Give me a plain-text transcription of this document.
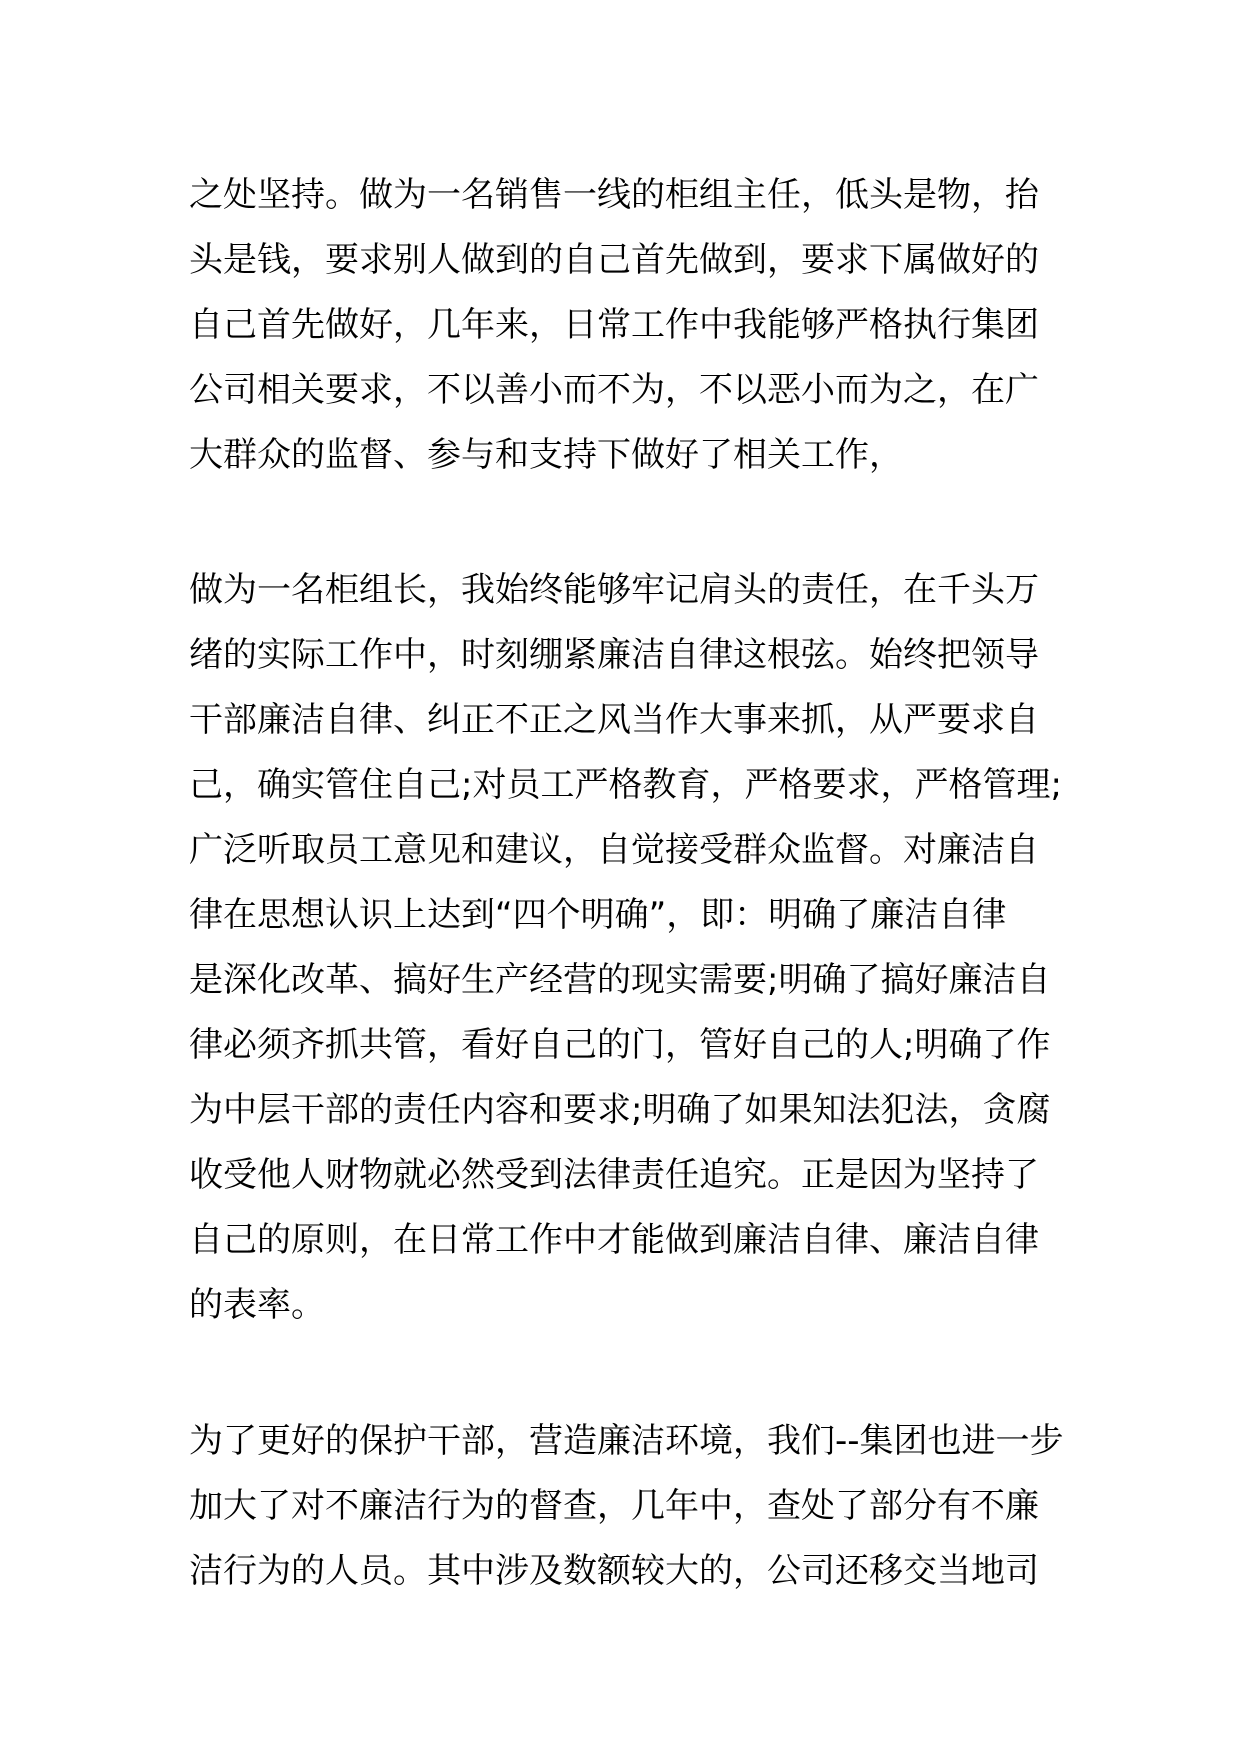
之处坚持。做为一名销售一线的柜组主任，低头是物，抬
头是钱，要求别人做到的自己首先做到，要求下属做好的
自己首先做好，几年来，日常工作中我能够严格执行集团
公司相关要求，不以善小而不为，不以恶小而为之，在广
大群众的监督、参与和支持下做好了相关工作，
做为一名柜组长，我始终能够牢记肩头的责任，在千头万
绪的实际工作中，时刻绷紧廉洁自律这根弦。始终把领导
干部廉洁自律、纠正不正之风当作大事来抓，从严要求自
己，确实管住自己;对员工严格教育，严格要求，严格管理;
广泛听取员工意见和建议，自觉接受群众监督。对廉洁自
律在思想认识上达到“四个明确”，即：明确了廉洁自律
是深化改革、搞好生产经营的现实需要;明确了搞好廉洁自
律必须齐抓共管，看好自己的门，管好自己的人;明确了作
为中层干部的责任内容和要求;明确了如果知法犯法，贪腐
收受他人财物就必然受到法律责任追究。正是因为坚持了
自己的原则，在日常工作中才能做到廉洁自律、廉洁自律
的表率。
为了更好的保护干部，营造廉洁环境，我们--集团也进一步
加大了对不廉洁行为的督查，几年中，查处了部分有不廉
洁行为的人员。其中涉及数额较大的，公司还移交当地司
